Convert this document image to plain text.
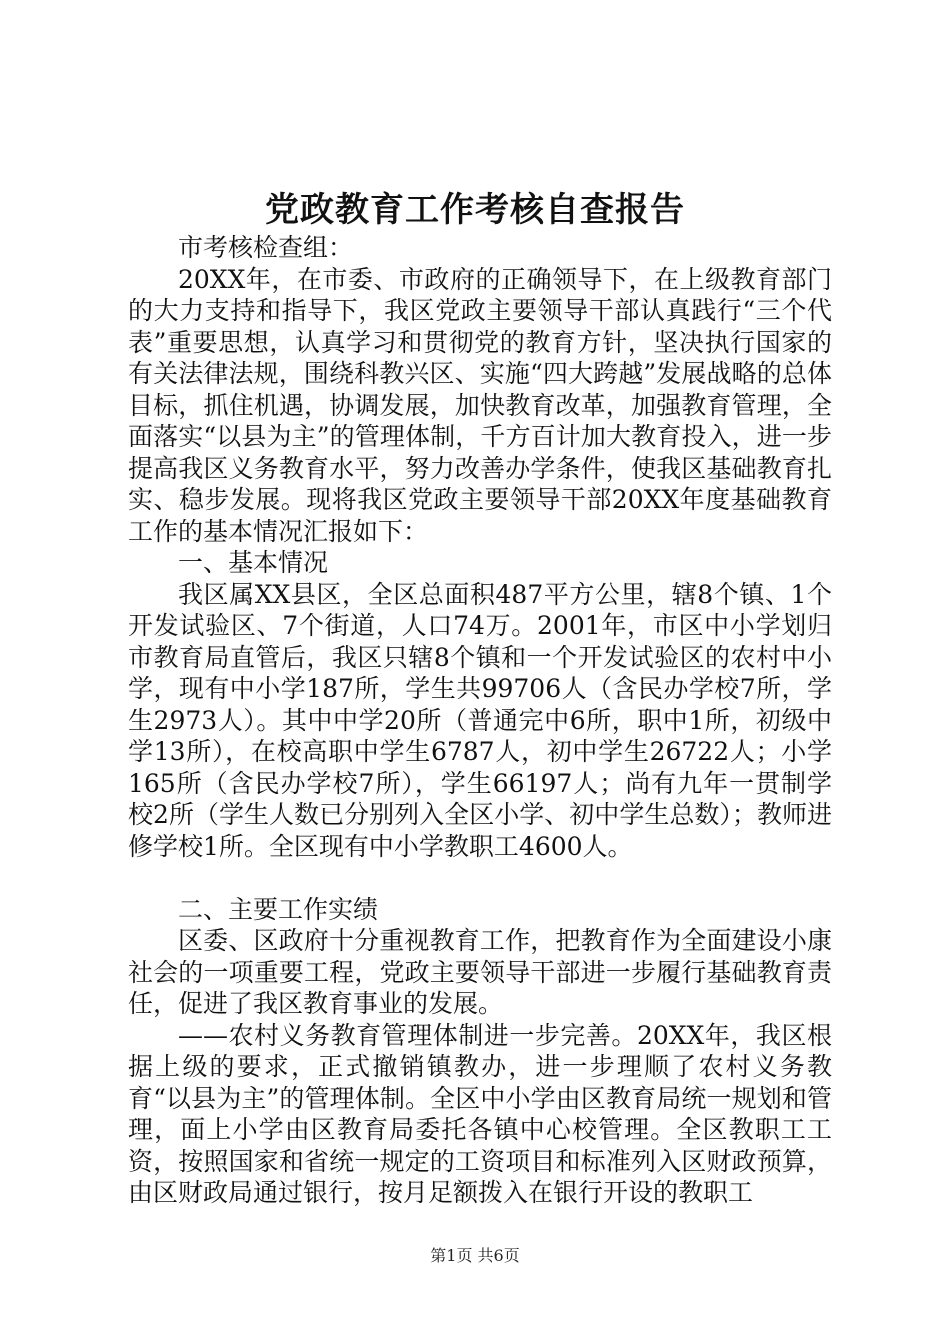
党政教育工作考核自查报告

市考核检查组：

20XX年，在市委、市政府的正确领导下，在上级教育部门的大力支持和指导下，我区党政主要领导干部认真践行“三个代表”重要思想，认真学习和贯彻党的教育方针，坚决执行国家的有关法律法规，围绕科教兴区、实施“四大跨越”发展战略的总体目标，抓住机遇，协调发展，加快教育改革，加强教育管理，全面落实“以县为主”的管理体制，千方百计加大教育投入，进一步提高我区义务教育水平，努力改善办学条件，使我区基础教育扎实、稳步发展。现将我区党政主要领导干部20XX年度基础教育工作的基本情况汇报如下：

一、基本情况

我区属XX县区，全区总面积487平方公里，辖8个镇、1个开发试验区、7个街道，人口74万。2001年，市区中小学划归市教育局直管后，我区只辖8个镇和一个开发试验区的农村中小学，现有中小学187所，学生共99706人（含民办学校7所，学生2973人）。其中中学20所（普通完中6所，职中1所，初级中学13所），在校高职中学生6787人，初中学生26722人；小学165所（含民办学校7所），学生66197人；尚有九年一贯制学校2所（学生人数已分别列入全区小学、初中学生总数）；教师进修学校1所。全区现有中小学教职工4600人。

二、主要工作实绩

区委、区政府十分重视教育工作，把教育作为全面建设小康社会的一项重要工程，党政主要领导干部进一步履行基础教育责任，促进了我区教育事业的发展。

——农村义务教育管理体制进一步完善。20XX年，我区根据上级的要求，正式撤销镇教办，进一步理顺了农村义务教育“以县为主”的管理体制。全区中小学由区教育局统一规划和管理，面上小学由区教育局委托各镇中心校管理。全区教职工工资，按照国家和省统一规定的工资项目和标准列入区财政预算，由区财政局通过银行，按月足额拨入在银行开设的教职工

第1页 共6页
